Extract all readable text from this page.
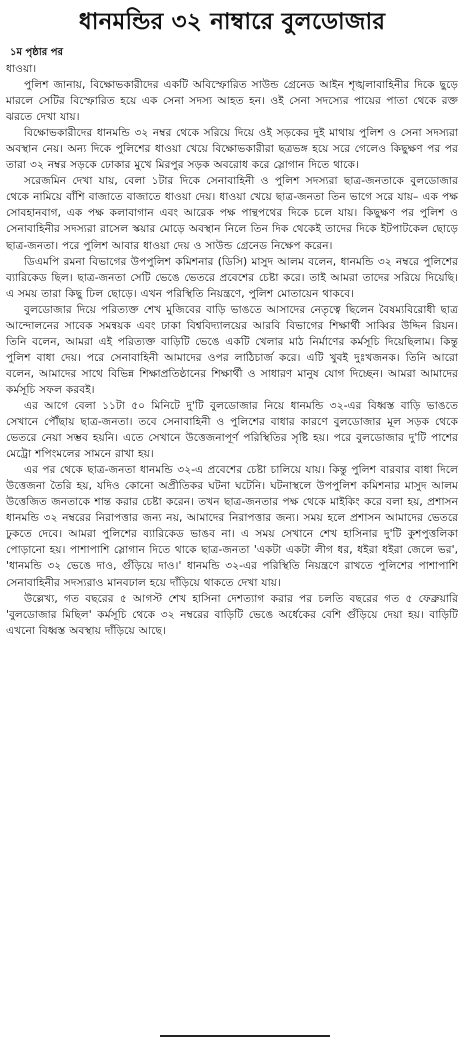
ধানমন্ডির ৩২ নাম্বারে বুলডোজার
১ম পৃষ্ঠার পর

ধাওয়া।

পুলিশ জানায়, বিক্ষোভকারীদের একটি অবিস্ফোরিত সাউন্ড গ্রেনেড আইন শৃঙ্খলাবাহিনীর দিকে ছুড়ে মারলে সেটির বিস্ফোরিত হয়ে এক সেনা সদস্য আহত হন। ওই সেনা সদস্যের পায়ের পাতা থেকে রক্ত ঝরতে দেখা যায়।

বিক্ষোভকারীদের ধানমন্ডি ৩২ নম্বর থেকে সরিয়ে দিয়ে ওই সড়কের দুই মাথায় পুলিশ ও সেনা সদস্যরা অবস্থান নেয়। অন্য দিকে পুলিশের ধাওয়া খেয়ে বিক্ষোভকারীরা ছত্রভঙ্গ হয়ে সরে গেলেও কিছুক্ষণ পর পর তারা ৩২ নম্বর সড়কে ঢোকার মুখে মিরপুর সড়ক অবরোধ করে স্লোগান দিতে থাকে।

সরেজমিন দেখা যায়, বেলা ১টার দিকে সেনাবাহিনী ও পুলিশ সদস্যরা ছাত্র-জনতাকে বুলডোজার থেকে নামিয়ে বাঁশি বাজাতে বাজাতে ধাওয়া দেয়। ধাওয়া খেয়ে ছাত্র-জনতা তিন ভাগে সরে যায়– এক পক্ষ সোবহানবাগ, এক পক্ষ কলাবাগান এবং আরেক পক্ষ পান্থপথের দিকে চলে যায়। কিছুক্ষণ পর পুলিশ ও সেনাবাহিনীর সদস্যরা রাসেল স্কয়ার মোড়ে অবস্থান নিলে তিন দিক থেকেই তাদের দিকে ইটপাটকেল ছোড়ে ছাত্র-জনতা। পরে পুলিশ আবার ধাওয়া দেয় ও সাউন্ড গ্রেনেড নিক্ষেপ করেন।

ডিএমপি রমনা বিভাগের উপপুলিশ কমিশনার (ডিসি) মাসুদ আলম বলেন, ধানমন্ডি ৩২ নম্বরে পুলিশের ব্যারিকেড ছিল। ছাত্র-জনতা সেটি ভেঙে ভেতরে প্রবেশের চেষ্টা করে। তাই আমরা তাদের সরিয়ে দিয়েছি। এ সময় তারা কিছু ঢিল ছোড়ে। এখন পরিস্থিতি নিয়ন্ত্রণে, পুলিশ মোতায়েন থাকবে।

বুলডোজার দিয়ে পরিত্যক্ত শেখ মুজিবের বাড়ি ভাঙতে আসাদের নেতৃত্বে ছিলেন বৈষম্যবিরোধী ছাত্র আন্দোলনের সাবেক সমন্বয়ক এবং ঢাকা বিশ্ববিদ্যালয়ের আরবি বিভাগের শিক্ষার্থী সাব্বির উদ্দিন রিয়ন। তিনি বলেন, আমরা এই পরিত্যক্ত বাড়িটি ভেঙে একটি খেলার মাঠ নির্মাণের কর্মসূচি দিয়েছিলাম। কিন্তু পুলিশ বাধা দেয়। পরে সেনাবাহিনী আমাদের ওপর লাঠিচার্জ করে। এটি খুবই দুঃখজনক। তিনি আরো বলেন, আমাদের সাথে বিভিন্ন শিক্ষাপ্রতিষ্ঠানের শিক্ষার্থী ও সাধারণ মানুষ যোগ দিচ্ছেন। আমরা আমাদের কর্মসূচি সফল করবই।

এর আগে বেলা ১১টা ৫০ মিনিটে দু'টি বুলডোজার নিয়ে ধানমন্ডি ৩২-এর বিধ্বস্ত বাড়ি ভাঙতে সেখানে পৌঁছায় ছাত্র-জনতা। তবে সেনাবাহিনী ও পুলিশের বাধার কারণে বুলডোজার মূল সড়ক থেকে ভেতরে নেয়া সম্ভব হয়নি। এতে সেখানে উত্তেজনাপূর্ণ পরিস্থিতির সৃষ্টি হয়। পরে বুলডোজার দু'টি পাশের মেট্রো শপিংমলের সামনে রাখা হয়।

এর পর থেকে ছাত্র-জনতা ধানমন্ডি ৩২-এ প্রবেশের চেষ্টা চালিয়ে যায়। কিন্তু পুলিশ বারবার বাধা দিলে উত্তেজনা তৈরি হয়, যদিও কোনো অপ্রীতিকর ঘটনা ঘটেনি। ঘটনাস্থলে উপপুলিশ কমিশনার মাসুদ আলম উত্তেজিত জনতাকে শান্ত করার চেষ্টা করেন। তখন ছাত্র-জনতার পক্ষ থেকে মাইকিং করে বলা হয়, প্রশাসন ধানমন্ডি ৩২ নম্বরের নিরাপত্তার জন্য নয়, আমাদের নিরাপত্তার জন্য। সময় হলে প্রশাসন আমাদের ভেতরে ঢুকতে দেবে। আমরা পুলিশের ব্যারিকেড ভাঙব না। এ সময় সেখানে শেখ হাসিনার দু'টি কুশপুত্তলিকা পোড়ানো হয়। পাশাপাশি স্লোগান দিতে থাকে ছাত্র-জনতা 'একটা একটা লীগ ধর, ধইরা ধইরা জেলে ভর', 'ধানমন্ডি ৩২ ভেঙে দাও, গুঁড়িয়ে দাও।' ধানমন্ডি ৩২-এর পরিস্থিতি নিয়ন্ত্রণে রাখতে পুলিশের পাশাপাশি সেনাবাহিনীর সদস্যরাও মানবঢাল হয়ে দাঁড়িয়ে থাকতে দেখা যায়।

উল্লেখ্য, গত বছরের ৫ আগস্ট শেখ হাসিনা দেশত্যাগ করার পর চলতি বছরের গত ৫ ফেব্রুয়ারি 'বুলডোজার মিছিল' কর্মসূচি থেকে ৩২ নম্বরের বাড়িটি ভেঙে অর্ধেকের বেশি গুঁড়িয়ে দেয়া হয়। বাড়িটি এখনো বিধ্বস্ত অবস্থায় দাঁড়িয়ে আছে।
